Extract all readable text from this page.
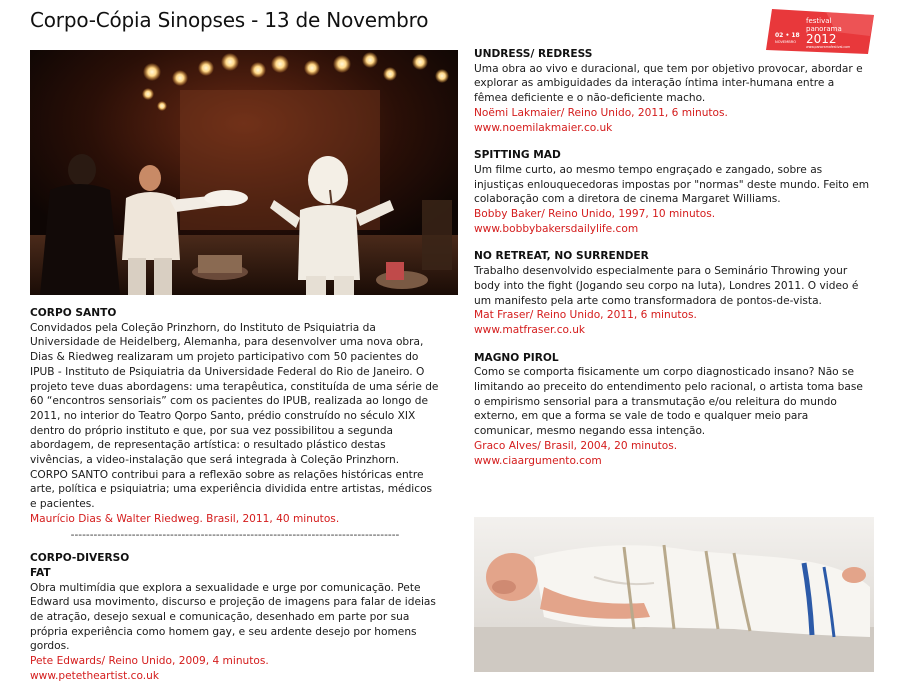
Corpo-Cópia Sinopses - 13 de Novembro	festival
panorama
2012
02 • 18
NOVEMBRO
www.panoramafestival.com
CORPO SANTO
Convidados pela Coleção Prinzhorn, do Instituto de Psiquiatria da Universidade de Heidelberg, Alemanha, para desenvolver uma nova obra, Dias & Riedweg realizaram um projeto participativo com 50 pacientes do IPUB - Instituto de Psiquiatria da Universidade Federal do Rio de Janeiro. O projeto teve duas abordagens: uma terapêutica, constituída de uma série de 60 “encontros sensoriais” com os pacientes do IPUB, realizada ao longo de 2011, no interior do Teatro Qorpo Santo, prédio construído no século XIX dentro do próprio instituto e que, por sua vez possibilitou a segunda abordagem, de representação artística: o resultado plástico destas vivências, a video-instalação que será integrada à Coleção Prinzhorn. CORPO SANTO contribui para a reflexão sobre as relações históricas entre arte, política e psiquiatria; uma experiência dividida entre artistas, médicos e pacientes.
Maurício Dias & Walter Riedweg. Brasil, 2011, 40 minutos.
--------------------------------------------------------------------------------------
CORPO-DIVERSO
FAT
Obra multimídia que explora a sexualidade e urge por comunicação. Pete Edward usa movimento, discurso e projeção de imagens para falar de ideias de atração, desejo sexual e comunicação, desenhado em parte por sua própria experiência como homem gay, e seu ardente desejo por homens gordos.
Pete Edwards/ Reino Unido, 2009, 4 minutos.
www.petetheartist.co.uk
UNDRESS/ REDRESS
Uma obra ao vivo e duracional, que tem por objetivo provocar, abordar e explorar as ambiguidades da interação íntima inter-humana entre a fêmea deficiente e o não-deficiente macho.
Noëmi Lakmaier/ Reino Unido, 2011, 6 minutos.
www.noemilakmaier.co.uk
SPITTING MAD
Um filme curto, ao mesmo tempo engraçado e zangado, sobre as injustiças enlouquecedoras impostas por "normas" deste mundo. Feito em colaboração com a diretora de cinema Margaret Williams.
Bobby Baker/ Reino Unido, 1997, 10 minutos.
www.bobbybakersdailylife.com
NO RETREAT, NO SURRENDER
Trabalho desenvolvido especialmente para o Seminário Throwing your body into the fight (Jogando seu corpo na luta), Londres 2011. O video é um manifesto pela arte como transformadora de pontos-de-vista.
Mat Fraser/ Reino Unido, 2011, 6 minutos.
www.matfraser.co.uk
MAGNO PIROL
Como se comporta fisicamente um corpo diagnosticado insano? Não se limitando ao preceito do entendimento pelo racional, o artista toma base o empirismo sensorial para a transmutação e/ou releitura do mundo externo, em que a forma se vale de todo e qualquer meio para comunicar, mesmo negando essa intenção.
Graco Alves/ Brasil, 2004, 20 minutos.
www.ciaargumento.com
